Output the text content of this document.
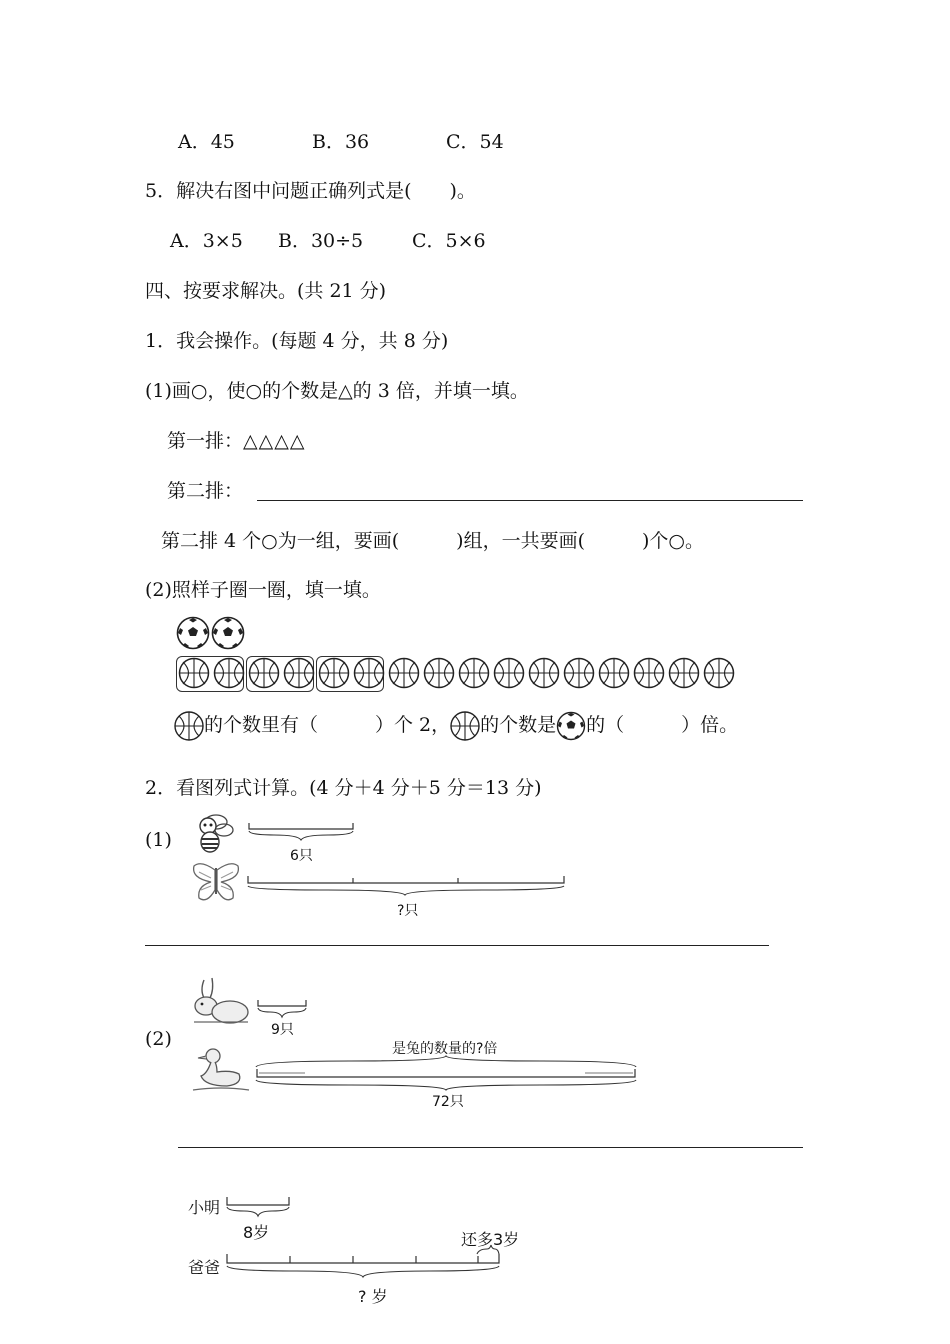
A．45	B．36	C．54
5．解决右图中问题正确列式是(　　)。
A．3×5 B．30÷5	C．5×6
四、按要求解决。(共 21 分)
1．我会操作。(每题 4 分，共 8 分)
(1)画○，使○的个数是△的 3 倍，并填一填。
第一排：△△△△
第二排：
第二排 4 个○为一组，要画(　　　)组，一共要画(　　　)个○。
(2)照样子圈一圈，填一填。
的个数里有（　　　）个 2， 的个数是 的（　　　）倍。
2．看图列式计算。(4 分＋4 分＋5 分＝13 分)
(1)
6只
?只
(2)	9只
是兔的数量的?倍
72只
小明
8岁	还多3岁
爸爸
? 岁
